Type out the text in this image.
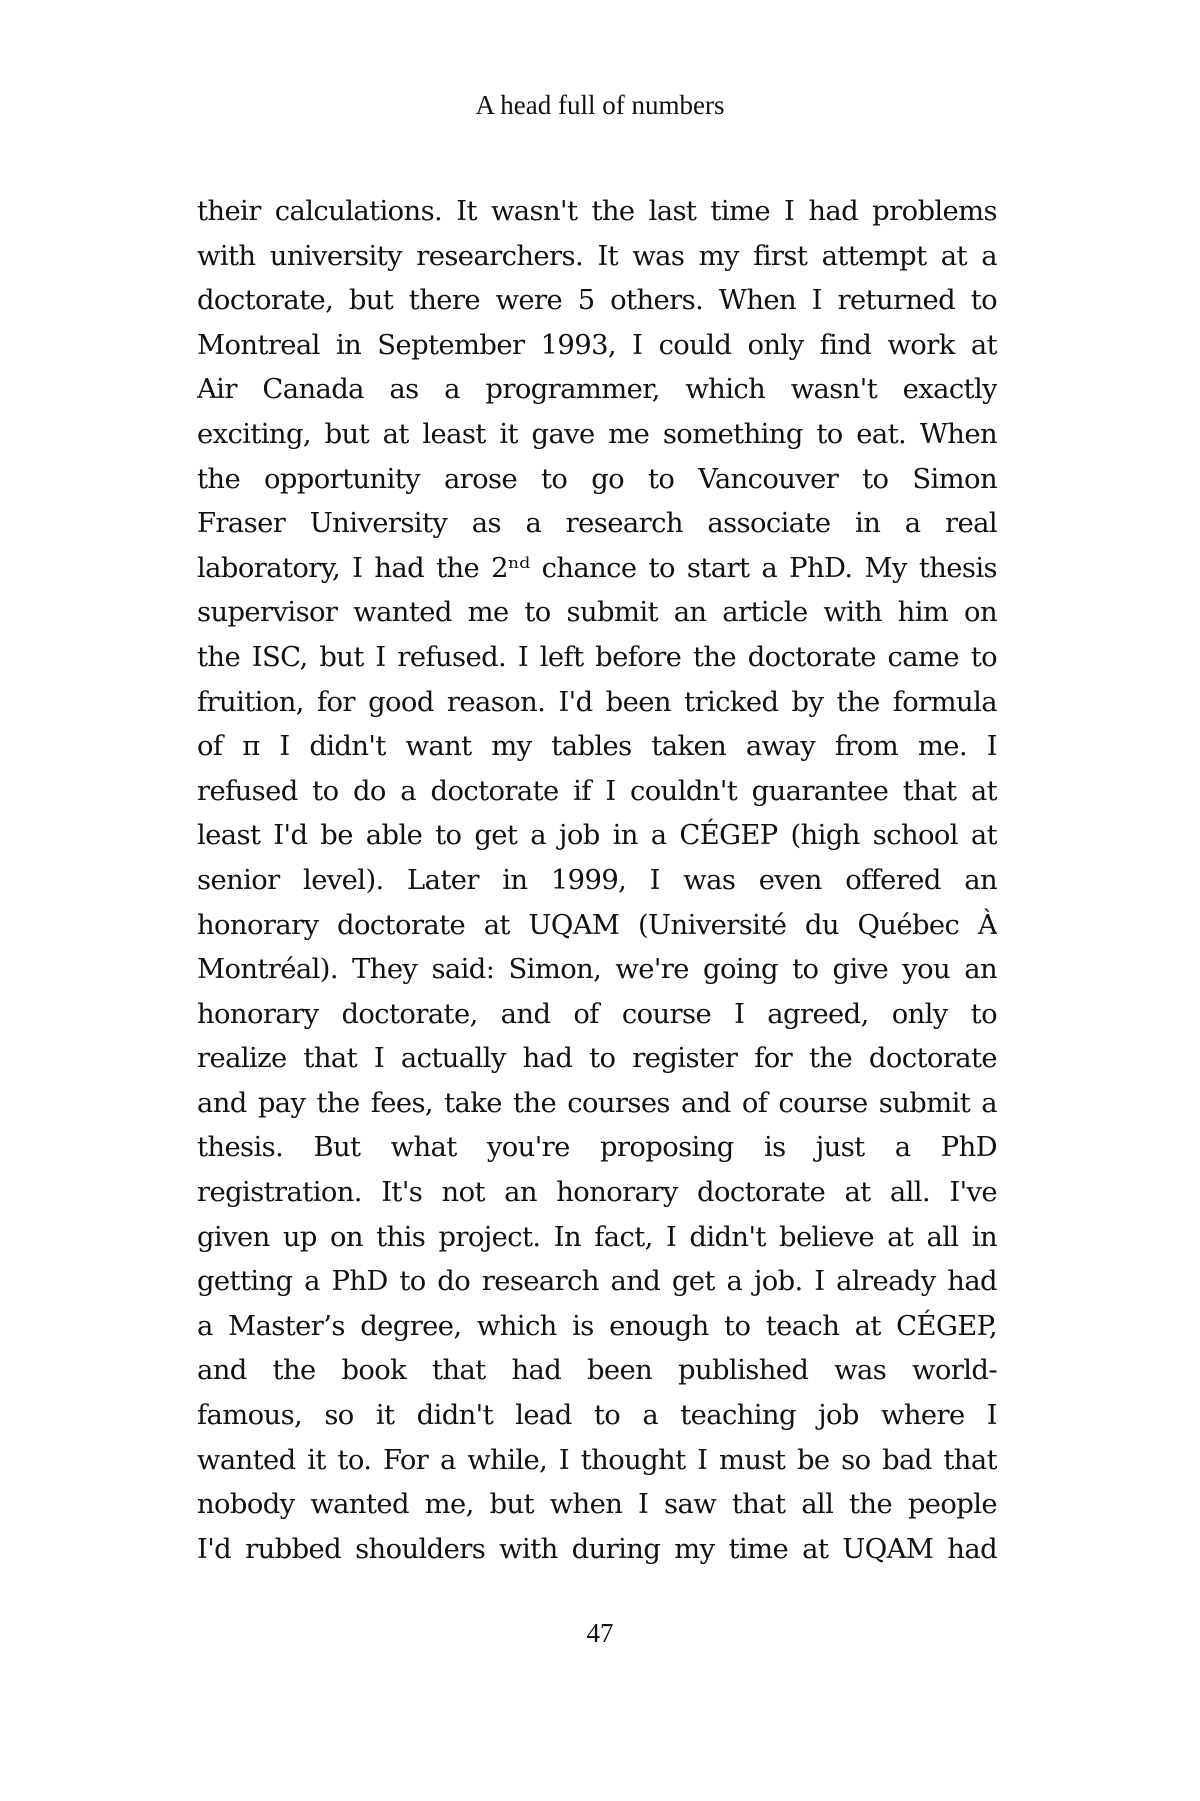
A head full of numbers
their calculations. It wasn't the last time I had problems
with university researchers. It was my first attempt at a
doctorate, but there were 5 others. When I returned to
Montreal in September 1993, I could only find work at
Air Canada as a programmer, which wasn't exactly
exciting, but at least it gave me something to eat. When
the opportunity arose to go to Vancouver to Simon
Fraser University as a research associate in a real
laboratory, I had the 2ⁿᵈ chance to start a PhD. My thesis
supervisor wanted me to submit an article with him on
the ISC, but I refused. I left before the doctorate came to
fruition, for good reason. I'd been tricked by the formula
of π I didn't want my tables taken away from me. I
refused to do a doctorate if I couldn't guarantee that at
least I'd be able to get a job in a CÉGEP (high school at
senior level). Later in 1999, I was even offered an
honorary doctorate at UQAM (Université du Québec À
Montréal). They said: Simon, we're going to give you an
honorary doctorate, and of course I agreed, only to
realize that I actually had to register for the doctorate
and pay the fees, take the courses and of course submit a
thesis. But what you're proposing is just a PhD
registration. It's not an honorary doctorate at all. I've
given up on this project. In fact, I didn't believe at all in
getting a PhD to do research and get a job. I already had
a Master’s degree, which is enough to teach at CÉGEP,
and the book that had been published was world-
famous, so it didn't lead to a teaching job where I
wanted it to. For a while, I thought I must be so bad that
nobody wanted me, but when I saw that all the people
I'd rubbed shoulders with during my time at UQAM had
47
